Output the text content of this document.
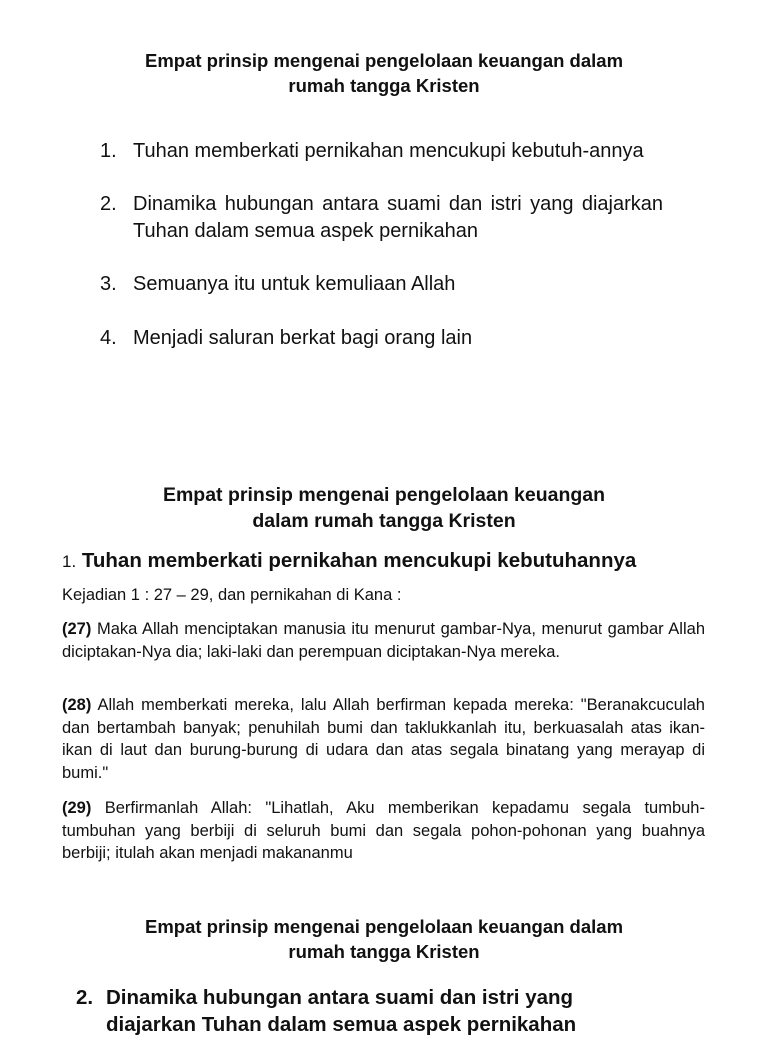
Empat prinsip mengenai pengelolaan keuangan dalam
rumah tangga Kristen
1. Tuhan memberkati pernikahan mencukupi kebutuh-annya
2. Dinamika hubungan antara suami dan istri yang diajarkan Tuhan dalam semua aspek pernikahan
3. Semuanya itu untuk kemuliaan Allah
4. Menjadi saluran berkat bagi orang lain
Empat prinsip mengenai pengelolaan keuangan
dalam rumah tangga Kristen
1. Tuhan memberkati pernikahan mencukupi kebutuhannya

Kejadian 1 : 27 – 29, dan pernikahan di Kana :

(27) Maka Allah menciptakan manusia itu menurut gambar-Nya, menurut gambar Allah diciptakan-Nya dia; laki-laki dan perempuan diciptakan-Nya mereka.

(28) Allah memberkati mereka, lalu Allah berfirman kepada mereka: "Beranakcuculah dan bertambah banyak; penuhilah bumi dan taklukkanlah itu, berkuasalah atas ikan-ikan di laut dan burung-burung di udara dan atas segala binatang yang merayap di bumi."

(29) Berfirmanlah Allah: "Lihatlah, Aku memberikan kepadamu segala tumbuh-tumbuhan yang berbiji di seluruh bumi dan segala pohon-pohonan yang buahnya berbiji; itulah akan menjadi makananmu

Empat prinsip mengenai pengelolaan keuangan dalam
rumah tangga Kristen
2. Dinamika hubungan antara suami dan istri yang
diajarkan Tuhan dalam semua aspek pernikahan
